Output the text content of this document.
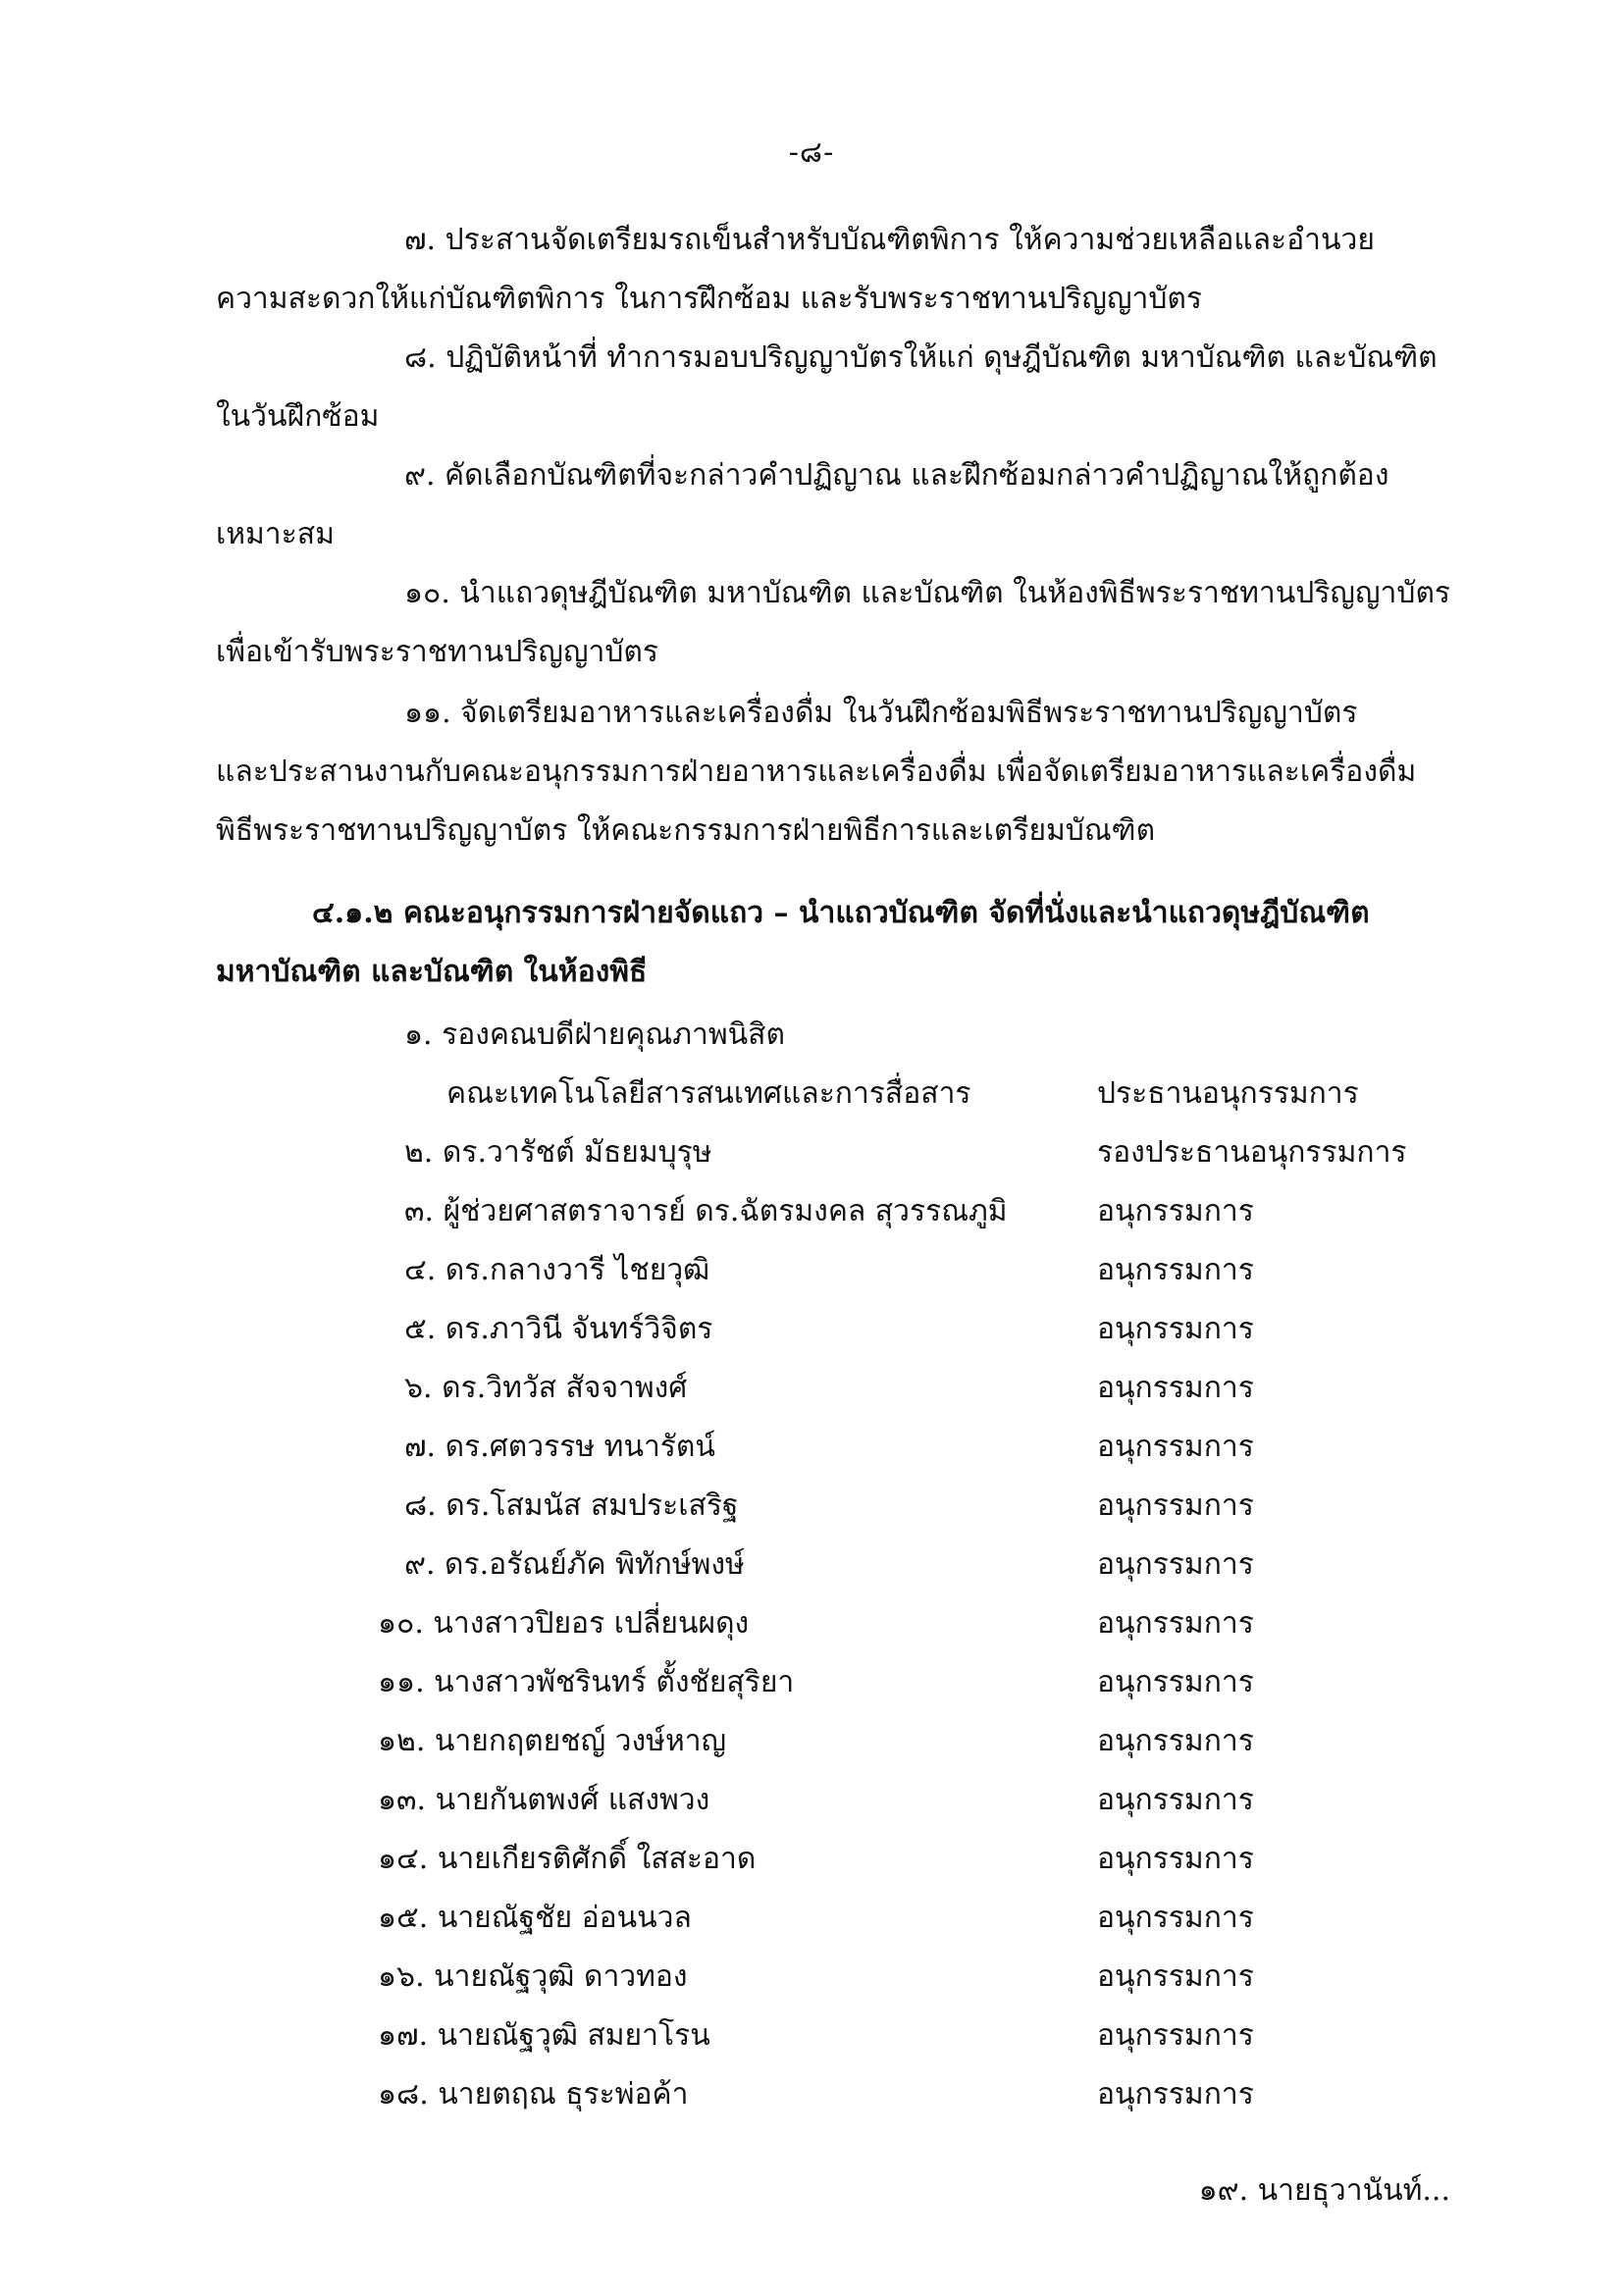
-๘-
๗. ประสานจัดเตรียมรถเข็นสำหรับบัณฑิตพิการ ให้ความช่วยเหลือและอำนวย
ความสะดวกให้แก่บัณฑิตพิการ ในการฝึกซ้อม และรับพระราชทานปริญญาบัตร
๘. ปฏิบัติหน้าที่ ทำการมอบปริญญาบัตรให้แก่ ดุษฎีบัณฑิต มหาบัณฑิต และบัณฑิต
ในวันฝึกซ้อม
๙. คัดเลือกบัณฑิตที่จะกล่าวคำปฏิญาณ และฝึกซ้อมกล่าวคำปฏิญาณให้ถูกต้อง
เหมาะสม
๑๐. นำแถวดุษฎีบัณฑิต มหาบัณฑิต และบัณฑิต ในห้องพิธีพระราชทานปริญญาบัตร
เพื่อเข้ารับพระราชทานปริญญาบัตร
๑๑. จัดเตรียมอาหารและเครื่องดื่ม ในวันฝึกซ้อมพิธีพระราชทานปริญญาบัตร
และประสานงานกับคณะอนุกรรมการฝ่ายอาหารและเครื่องดื่ม เพื่อจัดเตรียมอาหารและเครื่องดื่ม
พิธีพระราชทานปริญญาบัตร ให้คณะกรรมการฝ่ายพิธีการและเตรียมบัณฑิต
๔.๑.๒ คณะอนุกรรมการฝ่ายจัดแถว – นำแถวบัณฑิต จัดที่นั่งและนำแถวดุษฎีบัณฑิต
มหาบัณฑิต และบัณฑิต ในห้องพิธี
๑. รองคณบดีฝ่ายคุณภาพนิสิต
คณะเทคโนโลยีสารสนเทศและการสื่อสาร	ประธานอนุกรรมการ
๒. ดร.วารัชต์ มัธยมบุรุษ	รองประธานอนุกรรมการ
๓. ผู้ช่วยศาสตราจารย์ ดร.ฉัตรมงคล สุวรรณภูมิ	อนุกรรมการ
๔. ดร.กลางวารี ไชยวุฒิ	อนุกรรมการ
๕. ดร.ภาวินี จันทร์วิจิตร	อนุกรรมการ
๖. ดร.วิทวัส สัจจาพงศ์	อนุกรรมการ
๗. ดร.ศตวรรษ ทนารัตน์	อนุกรรมการ
๘. ดร.โสมนัส สมประเสริฐ	อนุกรรมการ
๙. ดร.อรัณย์ภัค พิทักษ์พงษ์	อนุกรรมการ
๑๐. นางสาวปิยอร เปลี่ยนผดุง	อนุกรรมการ
๑๑. นางสาวพัชรินทร์ ตั้งชัยสุริยา	อนุกรรมการ
๑๒. นายกฤตยชญ์ วงษ์หาญ	อนุกรรมการ
๑๓. นายกันตพงศ์ แสงพวง	อนุกรรมการ
๑๔. นายเกียรติศักดิ์ ใสสะอาด	อนุกรรมการ
๑๕. นายณัฐชัย อ่อนนวล	อนุกรรมการ
๑๖. นายณัฐวุฒิ ดาวทอง	อนุกรรมการ
๑๗. นายณัฐวุฒิ สมยาโรน	อนุกรรมการ
๑๘. นายตฤณ ธุระพ่อค้า	อนุกรรมการ
๑๙. นายธุวานันท์...
